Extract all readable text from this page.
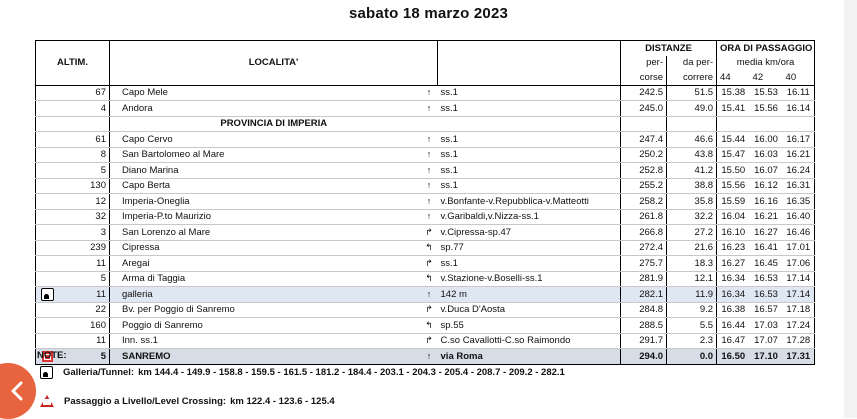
sabato 18 marzo 2023
ALTIM.		LOCALITA'			DISTANZE		ORA DI PASSAGGIO		
					per-	da per-	media km/ora		
					corse	correre	44	42	40
	67	Capo Mele	↑	ss.1	242.5	51.5	15.38	15.53	16.11
	4	Andora	↑	ss.1	245.0	49.0	15.41	15.56	16.14
		PROVINCIA DI IMPERIA							
	61	Capo Cervo	↑	ss.1	247.4	46.6	15.44	16.00	16.17
	8	San Bartolomeo al Mare	↑	ss.1	250.2	43.8	15.47	16.03	16.21
	5	Diano Marina	↑	ss.1	252.8	41.2	15.50	16.07	16.24
	130	Capo Berta	↑	ss.1	255.2	38.8	15.56	16.12	16.31
	12	Imperia-Oneglia	↑	v.Bonfante-v.Repubblica-v.Matteotti	258.2	35.8	15.59	16.16	16.35
	32	Imperia-P.to Maurizio	↑	v.Garibaldi,v.Nizza-ss.1	261.8	32.2	16.04	16.21	16.40
	3	San Lorenzo al Mare	↱	v.Cipressa-sp.47	266.8	27.2	16.10	16.27	16.46
	239	Cipressa	↰	sp.77	272.4	21.6	16.23	16.41	17.01
	11	Aregai	↱	ss.1	275.7	18.3	16.27	16.45	17.06
	5	Arma di Taggia	↰	v.Stazione-v.Boselli-ss.1	281.9	12.1	16.34	16.53	17.14
	11	galleria	↑	142 m	282.1	11.9	16.34	16.53	17.14
	22	Bv. per Poggio di Sanremo	↱	v.Duca D'Aosta	284.8	9.2	16.38	16.57	17.18
	160	Poggio di Sanremo	↰	sp.55	288.5	5.5	16.44	17.03	17.24
	11	Inn. ss.1	↱	C.so Cavallotti-C.so Raimondo	291.7	2.3	16.47	17.07	17.28
	5	SANREMO	↑	via Roma	294.0	0.0	16.50	17.10	17.31
NOTE:
Galleria/Tunnel: km 144.4 - 149.9 - 158.8 - 159.5 - 161.5 - 181.2 - 184.4 - 203.1 - 204.3 - 205.4 - 208.7 - 209.2 - 282.1
Passaggio a Livello/Level Crossing: km 122.4 - 123.6 - 125.4
